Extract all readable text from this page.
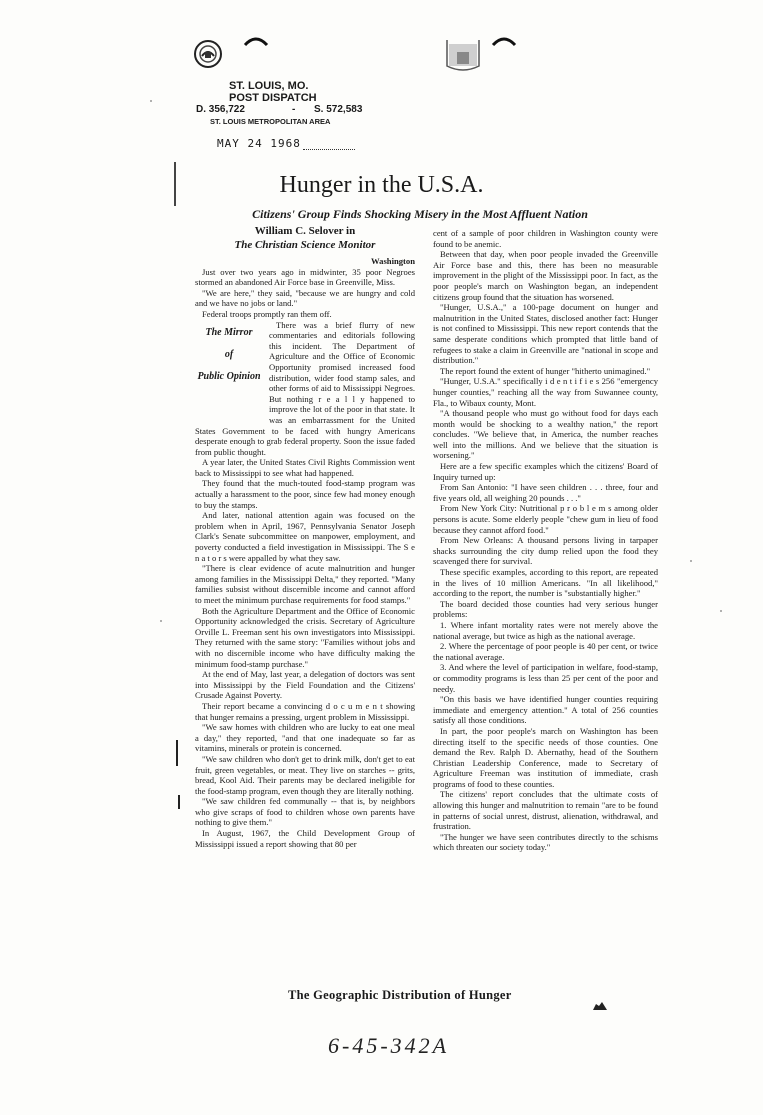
ST. LOUIS, MO.
POST DISPATCH
D. 356,722	- S. 572,583
ST. LOUIS METROPOLITAN AREA
MAY 24 1968
Hunger in the U.S.A.
Citizens' Group Finds Shocking Misery in the Most Affluent Nation
William C. Selover in
The Christian Science Monitor
Washington

Just over two years ago in midwinter, 35 poor Negroes stormed an abandoned Air Force base in Greenville, Miss.

"We are here," they said, "because we are hungry and cold and we have no jobs or land."

Federal troops promptly ran them off.

The Mirror
of
Public Opinion

There was a brief flurry of new commentaries and editorials following this incident. The Department of Agriculture and the Office of Economic Opportunity promised increased food distribution, wider food stamp sales, and other forms of aid to Mississippi Negroes. But nothing r e a l l y happened to improve the lot of the poor in that state. It was an embarrassment for the United States Government to be faced with hungry Americans desperate enough to grab federal property. Soon the issue faded from public thought.

A year later, the United States Civil Rights Commission went back to Mississippi to see what had happened.

They found that the much-touted food-stamp program was actually a harassment to the poor, since few had money enough to buy the stamps.

And later, national attention again was focused on the problem when in April, 1967, Pennsylvania Senator Joseph Clark's Senate subcommittee on manpower, employment, and poverty conducted a field investigation in Mississippi. The S e n a t o r s were appalled by what they saw.

"There is clear evidence of acute malnutrition and hunger among families in the Mississippi Delta," they reported. "Many families subsist without discernible income and cannot afford to meet the minimum purchase requirements for food stamps."

Both the Agriculture Department and the Office of Economic Opportunity acknowledged the crisis. Secretary of Agriculture Orville L. Freeman sent his own investigators into Mississippi. They returned with the same story: "Families without jobs and with no discernible income who have difficulty making the minimum food-stamp purchase."

At the end of May, last year, a delegation of doctors was sent into Mississippi by the Field Foundation and the Citizens' Crusade Against Poverty.

Their report became a convincing d o c u m e n t showing that hunger remains a pressing, urgent problem in Mississippi.

"We saw homes with children who are lucky to eat one meal a day," they reported, "and that one inadequate so far as vitamins, minerals or protein is concerned.

"We saw children who don't get to drink milk, don't get to eat fruit, green vegetables, or meat. They live on starches -- grits, bread, Kool Aid. Their parents may be declared ineligible for the food-stamp program, even though they are literally nothing.

"We saw children fed communally -- that is, by neighbors who give scraps of food to children whose own parents have nothing to give them."

In August, 1967, the Child Development Group of Mississippi issued a report showing that 80 per

cent of a sample of poor children in Washington county were found to be anemic.

Between that day, when poor people invaded the Greenville Air Force base and this, there has been no measurable improvement in the plight of the Mississippi poor. In fact, as the poor people's march on Washington began, an independent citizens group found that the situation has worsened.

"Hunger, U.S.A.," a 100-page document on hunger and malnutrition in the United States, disclosed another fact: Hunger is not confined to Mississippi. This new report contends that the same desperate conditions which prompted that little band of refugees to stake a claim in Greenville are "national in scope and distribution."

The report found the extent of hunger "hitherto unimagined."

"Hunger, U.S.A." specifically i d e n t i f i e s 256 "emergency hunger counties," reaching all the way from Suwannee county, Fla., to Wibaux county, Mont.

"A thousand people who must go without food for days each month would be shocking to a wealthy nation," the report concludes. "We believe that, in America, the number reaches well into the millions. And we believe that the situation is worsening."

Here are a few specific examples which the citizens' Board of Inquiry turned up:

From San Antonio: "I have seen children . . . three, four and five years old, all weighing 20 pounds . . ."

From New York City: Nutritional p r o b l e m s among older persons is acute. Some elderly people "chew gum in lieu of food because they cannot afford food."

From New Orleans: A thousand persons living in tarpaper shacks surrounding the city dump relied upon the food they scavenged there for survival.

These specific examples, according to this report, are repeated in the lives of 10 million Americans. "In all likelihood," according to the report, the number is "substantially higher."

The board decided those counties had very serious hunger problems:

1. Where infant mortality rates were not merely above the national average, but twice as high as the national average.

2. Where the percentage of poor people is 40 per cent, or twice the national average.

3. And where the level of participation in welfare, food-stamp, or commodity programs is less than 25 per cent of the poor and needy.

"On this basis we have identified hunger counties requiring immediate and emergency attention." A total of 256 counties satisfy all those conditions.

In part, the poor people's march on Washington has been directing itself to the specific needs of those counties. One demand the Rev. Ralph D. Abernathy, head of the Southern Christian Leadership Conference, made to Secretary of Agriculture Freeman was institution of immediate, crash programs of food to these counties.

The citizens' report concludes that the ultimate costs of allowing this hunger and malnutrition to remain "are to be found in patterns of social unrest, distrust, alienation, withdrawal, and frustration.

"The hunger we have seen contributes directly to the schisms which threaten our society today."

The Geographic Distribution of Hunger
6-45-342A
